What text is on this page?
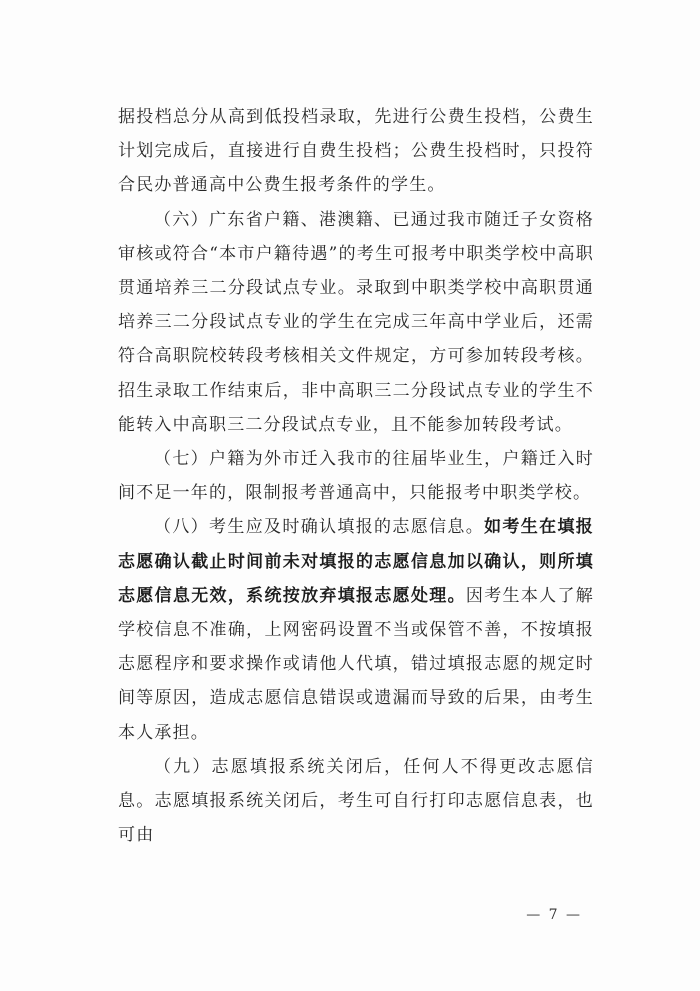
据投档总分从高到低投档录取，先进行公费生投档，公费生计划完成后，直接进行自费生投档；公费生投档时，只投符合民办普通高中公费生报考条件的学生。

（六）广东省户籍、港澳籍、已通过我市随迁子女资格审核或符合“本市户籍待遇”的考生可报考中职类学校中高职贯通培养三二分段试点专业。录取到中职类学校中高职贯通培养三二分段试点专业的学生在完成三年高中学业后，还需符合高职院校转段考核相关文件规定，方可参加转段考核。招生录取工作结束后，非中高职三二分段试点专业的学生不能转入中高职三二分段试点专业，且不能参加转段考试。

（七）户籍为外市迁入我市的往届毕业生，户籍迁入时间不足一年的，限制报考普通高中，只能报考中职类学校。

（八）考生应及时确认填报的志愿信息。如考生在填报志愿确认截止时间前未对填报的志愿信息加以确认，则所填志愿信息无效，系统按放弃填报志愿处理。因考生本人了解学校信息不准确，上网密码设置不当或保管不善，不按填报志愿程序和要求操作或请他人代填，错过填报志愿的规定时间等原因，造成志愿信息错误或遗漏而导致的后果，由考生本人承担。

（九）志愿填报系统关闭后，任何人不得更改志愿信息。志愿填报系统关闭后，考生可自行打印志愿信息表，也可由

— 7 —
